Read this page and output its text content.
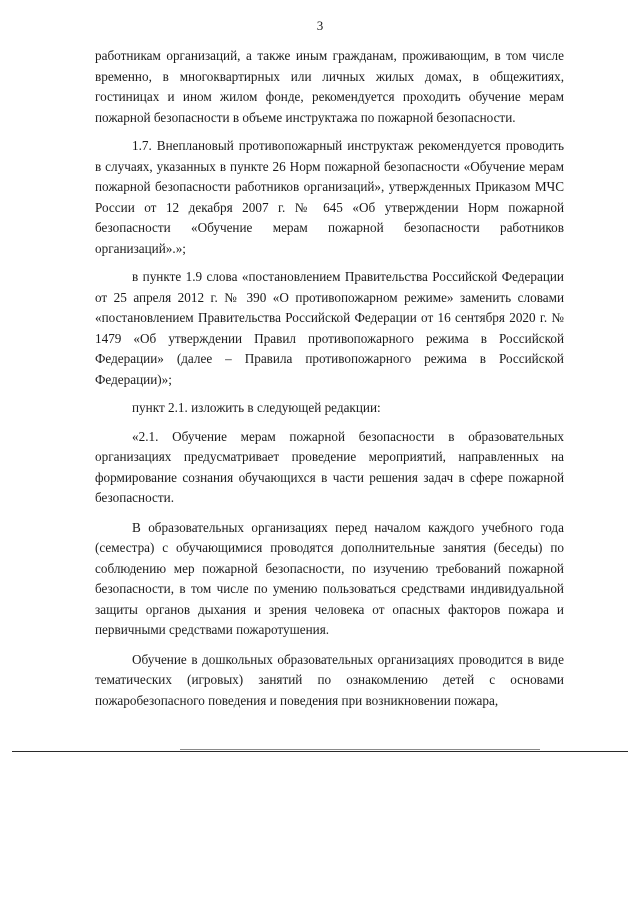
3

работникам организаций, а также иным гражданам, проживающим, в том числе временно, в многоквартирных или личных жилых домах, в общежитиях, гостиницах и ином жилом фонде, рекомендуется проходить обучение мерам пожарной безопасности в объеме инструктажа по пожарной безопасности.

1.7. Внеплановый противопожарный инструктаж рекомендуется проводить в случаях, указанных в пункте 26 Норм пожарной безопасности «Обучение мерам пожарной безопасности работников организаций», утвержденных Приказом МЧС России от 12 декабря 2007 г. № 645 «Об утверждении Норм пожарной безопасности «Обучение мерам пожарной безопасности работников организаций».»;

в пункте 1.9 слова «постановлением Правительства Российской Федерации от 25 апреля 2012 г. № 390 «О противопожарном режиме» заменить словами «постановлением Правительства Российской Федерации от 16 сентября 2020 г. № 1479 «Об утверждении Правил противопожарного режима в Российской Федерации» (далее – Правила противопожарного режима в Российской Федерации)»;

пункт 2.1. изложить в следующей редакции:

«2.1. Обучение мерам пожарной безопасности в образовательных организациях предусматривает проведение мероприятий, направленных на формирование сознания обучающихся в части решения задач в сфере пожарной безопасности.

В образовательных организациях перед началом каждого учебного года (семестра) с обучающимися проводятся дополнительные занятия (беседы) по соблюдению мер пожарной безопасности, по изучению требований пожарной безопасности, в том числе по умению пользоваться средствами индивидуальной защиты органов дыхания и зрения человека от опасных факторов пожара и первичными средствами пожаротушения.

Обучение в дошкольных образовательных организациях проводится в виде тематических (игровых) занятий по ознакомлению детей с основами пожаробезопасного поведения и поведения при возникновении пожара,
